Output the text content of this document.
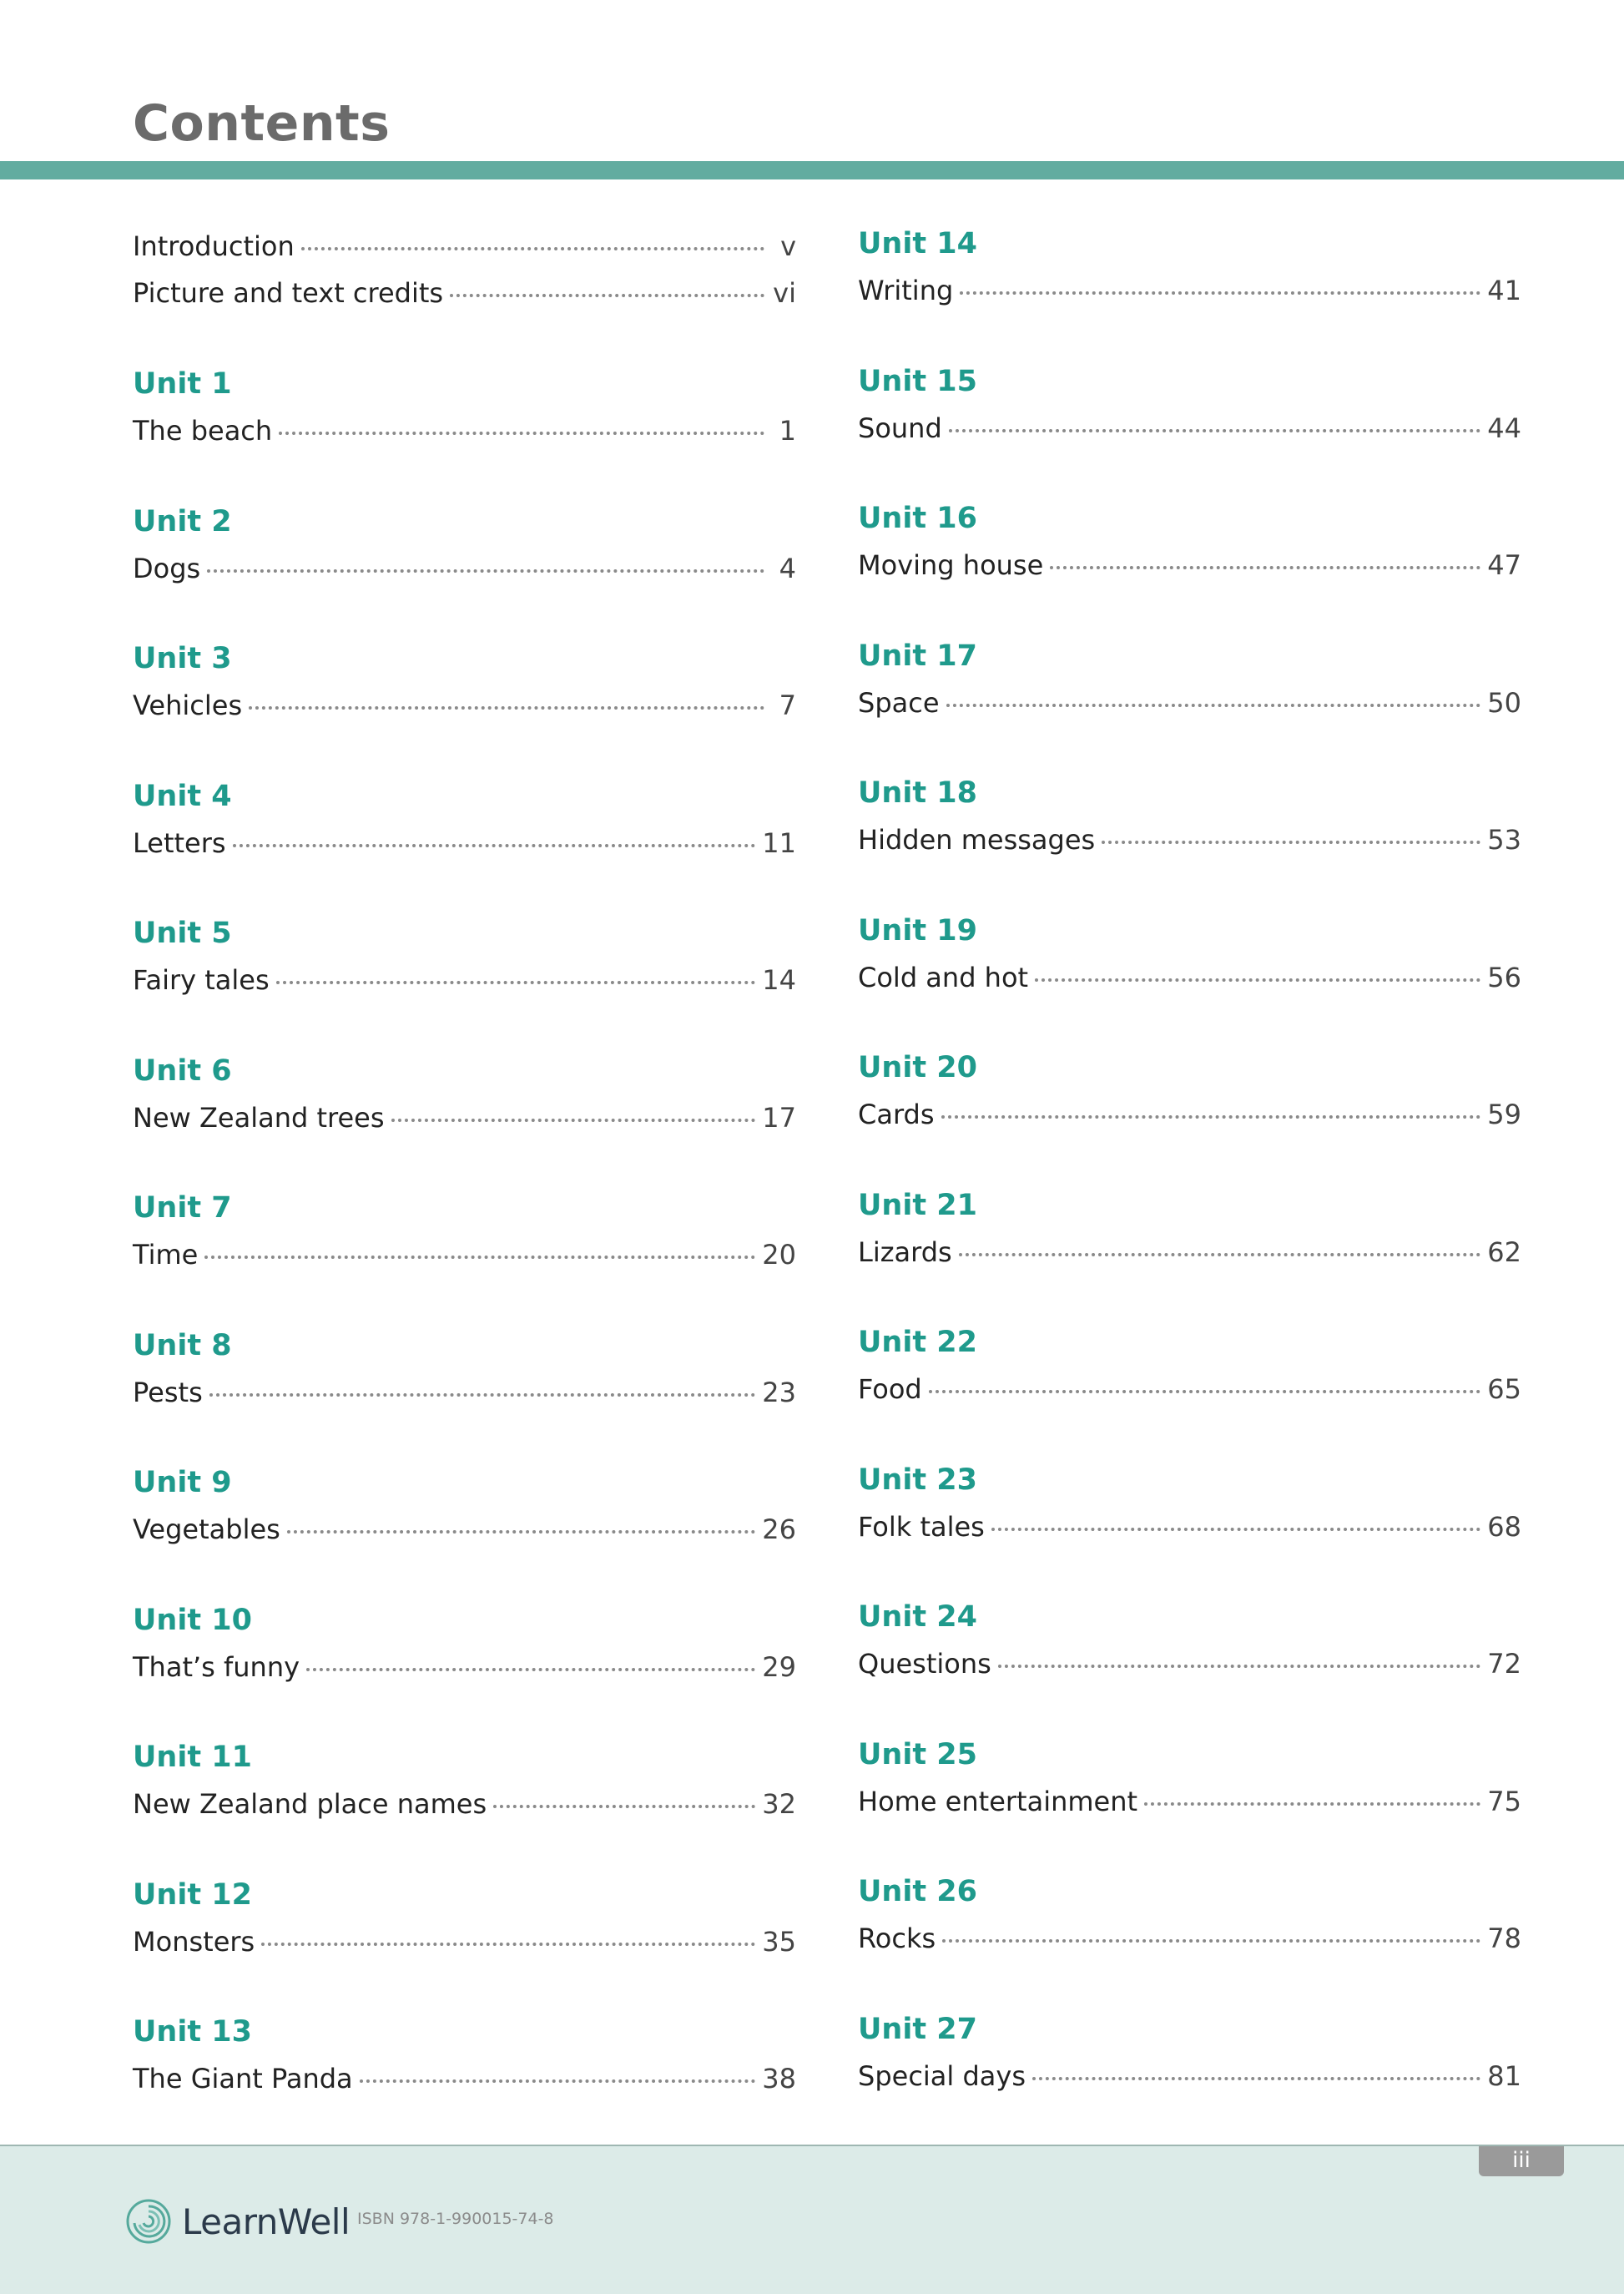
Contents
Introduction	v
Picture and text credits	vi
Unit 1
The beach	1
Unit 2
Dogs	4
Unit 3
Vehicles	7
Unit 4
Letters	11
Unit 5
Fairy tales	14
Unit 6
New Zealand trees	17
Unit 7
Time	20
Unit 8
Pests	23
Unit 9
Vegetables	26
Unit 10
That’s funny	29
Unit 11
New Zealand place names	32
Unit 12
Monsters	35
Unit 13
The Giant Panda	38
Unit 14
Writing	41
Unit 15
Sound	44
Unit 16
Moving house	47
Unit 17
Space	50
Unit 18
Hidden messages	53
Unit 19
Cold and hot	56
Unit 20
Cards	59
Unit 21
Lizards	62
Unit 22
Food	65
Unit 23
Folk tales	68
Unit 24
Questions	72
Unit 25
Home entertainment	75
Unit 26
Rocks	78
Unit 27
Special days	81
iii
LearnWell ISBN 978-1-990015-74-8
